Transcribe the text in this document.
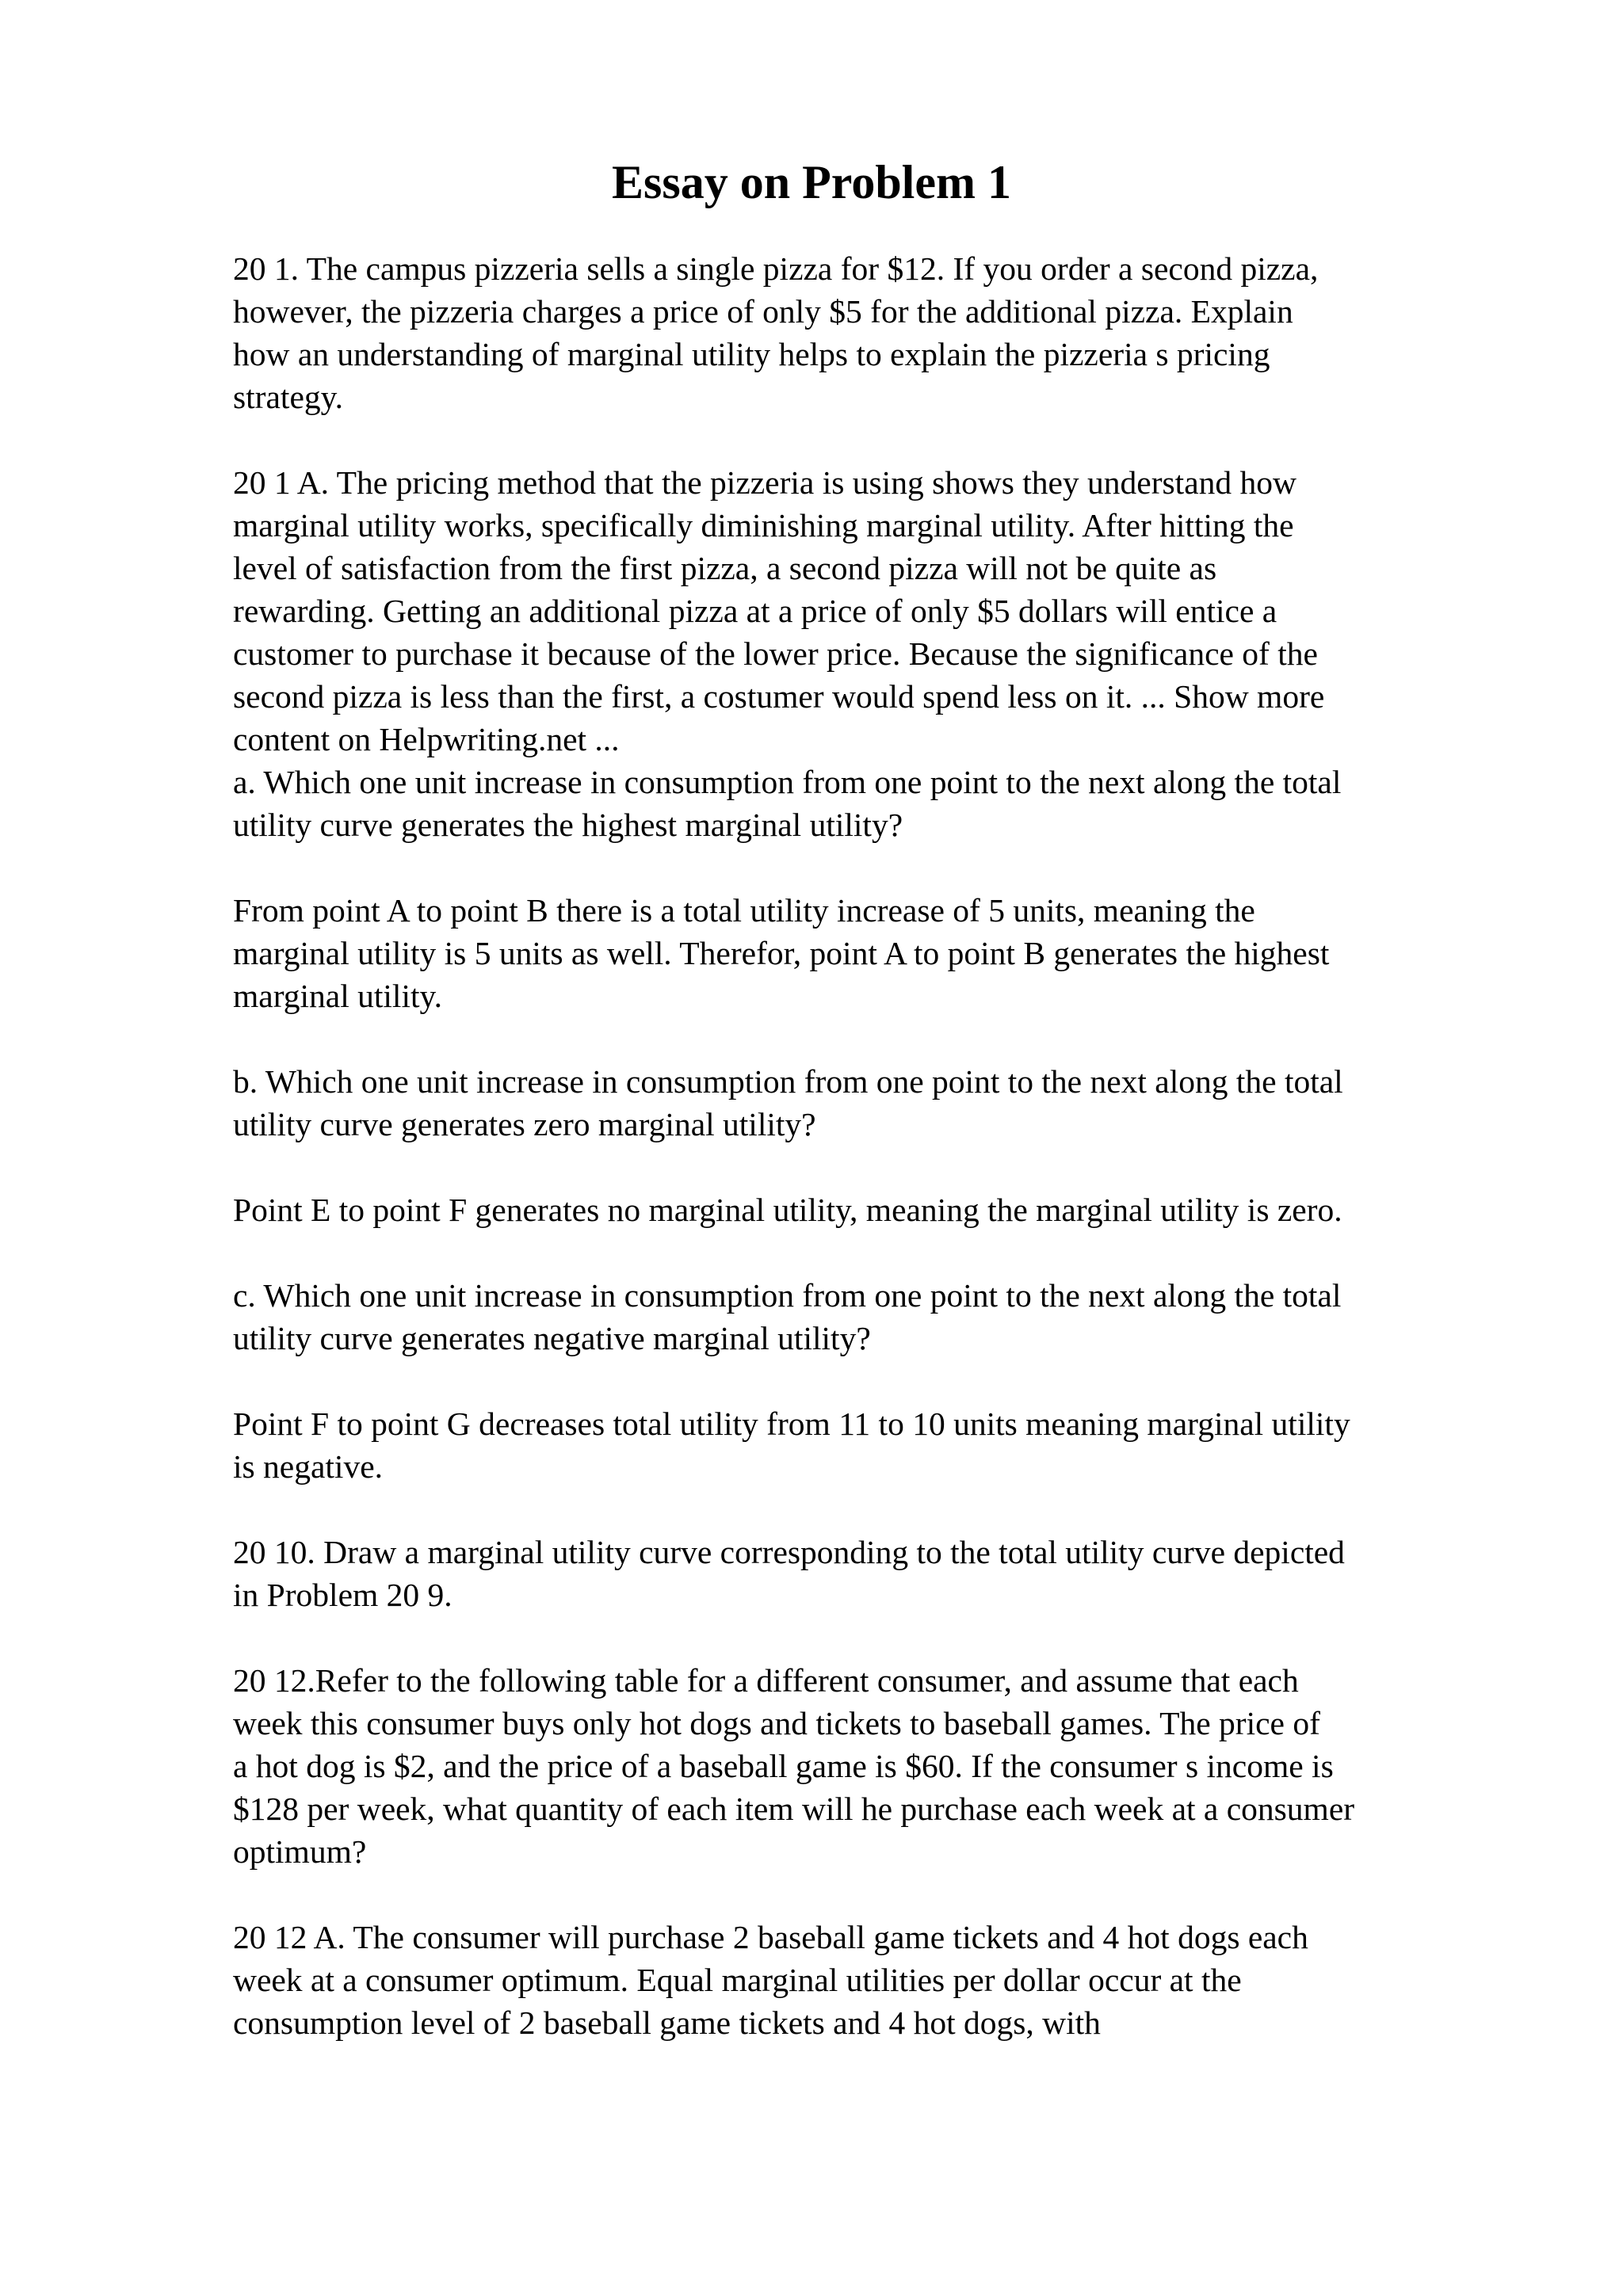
Essay on Problem 1

20 1. The campus pizzeria sells a single pizza for $12. If you order a second pizza,
however, the pizzeria charges a price of only $5 for the additional pizza. Explain
how an understanding of marginal utility helps to explain the pizzeria s pricing
strategy.

20 1 A. The pricing method that the pizzeria is using shows they understand how
marginal utility works, specifically diminishing marginal utility. After hitting the
level of satisfaction from the first pizza, a second pizza will not be quite as
rewarding. Getting an additional pizza at a price of only $5 dollars will entice a
customer to purchase it because of the lower price. Because the significance of the
second pizza is less than the first, a costumer would spend less on it. ... Show more
content on Helpwriting.net ...

a. Which one unit increase in consumption from one point to the next along the total
utility curve generates the highest marginal utility?

From point A to point B there is a total utility increase of 5 units, meaning the
marginal utility is 5 units as well. Therefor, point A to point B generates the highest
marginal utility.

b. Which one unit increase in consumption from one point to the next along the total
utility curve generates zero marginal utility?

Point E to point F generates no marginal utility, meaning the marginal utility is zero.

c. Which one unit increase in consumption from one point to the next along the total
utility curve generates negative marginal utility?

Point F to point G decreases total utility from 11 to 10 units meaning marginal utility
is negative.

20 10. Draw a marginal utility curve corresponding to the total utility curve depicted
in Problem 20 9.

20 12.Refer to the following table for a different consumer, and assume that each
week this consumer buys only hot dogs and tickets to baseball games. The price of
a hot dog is $2, and the price of a baseball game is $60. If the consumer s income is
$128 per week, what quantity of each item will he purchase each week at a consumer
optimum?

20 12 A. The consumer will purchase 2 baseball game tickets and 4 hot dogs each
week at a consumer optimum. Equal marginal utilities per dollar occur at the
consumption level of 2 baseball game tickets and 4 hot dogs, with
